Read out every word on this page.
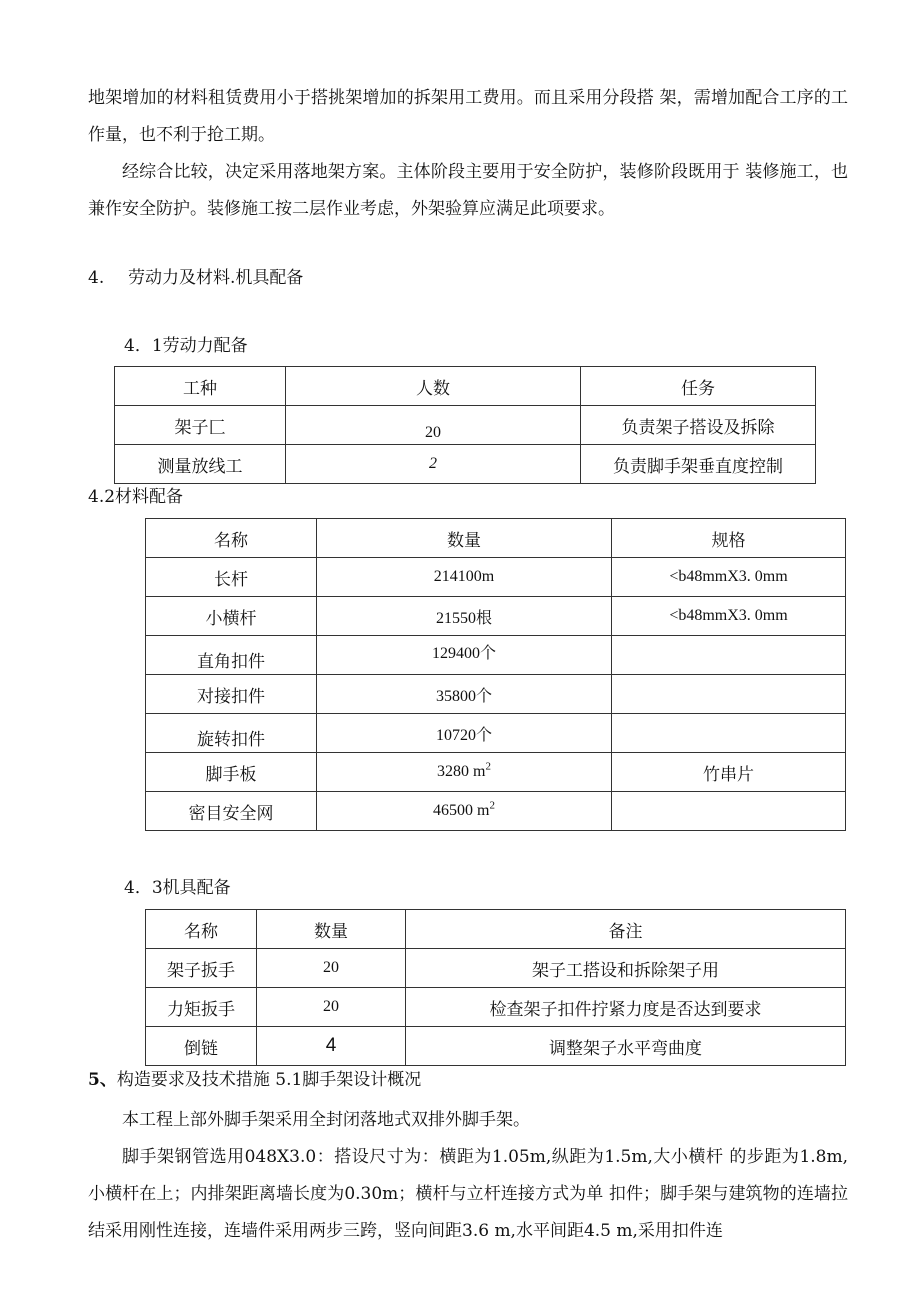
地架增加的材料租赁费用小于搭挑架增加的拆架用工费用。而且采用分段搭 架，需增加配合工序的工作量，也不利于抢工期。

经综合比较，决定采用落地架方案。主体阶段主要用于安全防护，装修阶段既用于 装修施工，也兼作安全防护。装修施工按二层作业考虑，外架验算应满足此项要求。

4. 劳动力及材料.机具配备
4．1劳动力配备
工种	人数	任务
架子匚	20	负责架子搭设及拆除
测量放线工	2	负责脚手架垂直度控制
4.2材料配备
名称	数量	规格
长杆	214100m	<b48mmX3. 0mm
小横杆	21550根	<b48mmX3. 0mm
直角扣件	129400个	
对接扣件	35800个	
旋转扣件	10720个	
脚手板	3280 $m^2$	竹串片
密目安全网	46500 $m^2$	
4．3机具配备
名称	数量	备注
架子扳手	20	架子工搭设和拆除架子用
力矩扳手	20	检查架子扣件拧紧力度是否达到要求
倒链	4	调整架子水平弯曲度
5、构造要求及技术措施 5.1脚手架设计概况

本工程上部外脚手架采用全封闭落地式双排外脚手架。

脚手架钢管选用048X3.0：搭设尺寸为：横距为1.05m,纵距为1.5m,大小横杆 的步距为1.8m,小横杆在上；内排架距离墙长度为0.30m；横杆与立杆连接方式为单 扣件；脚手架与建筑物的连墙拉结采用刚性连接，连墙件采用两步三跨，竖向间距3.6 m,水平间距4.5 m,采用扣件连
